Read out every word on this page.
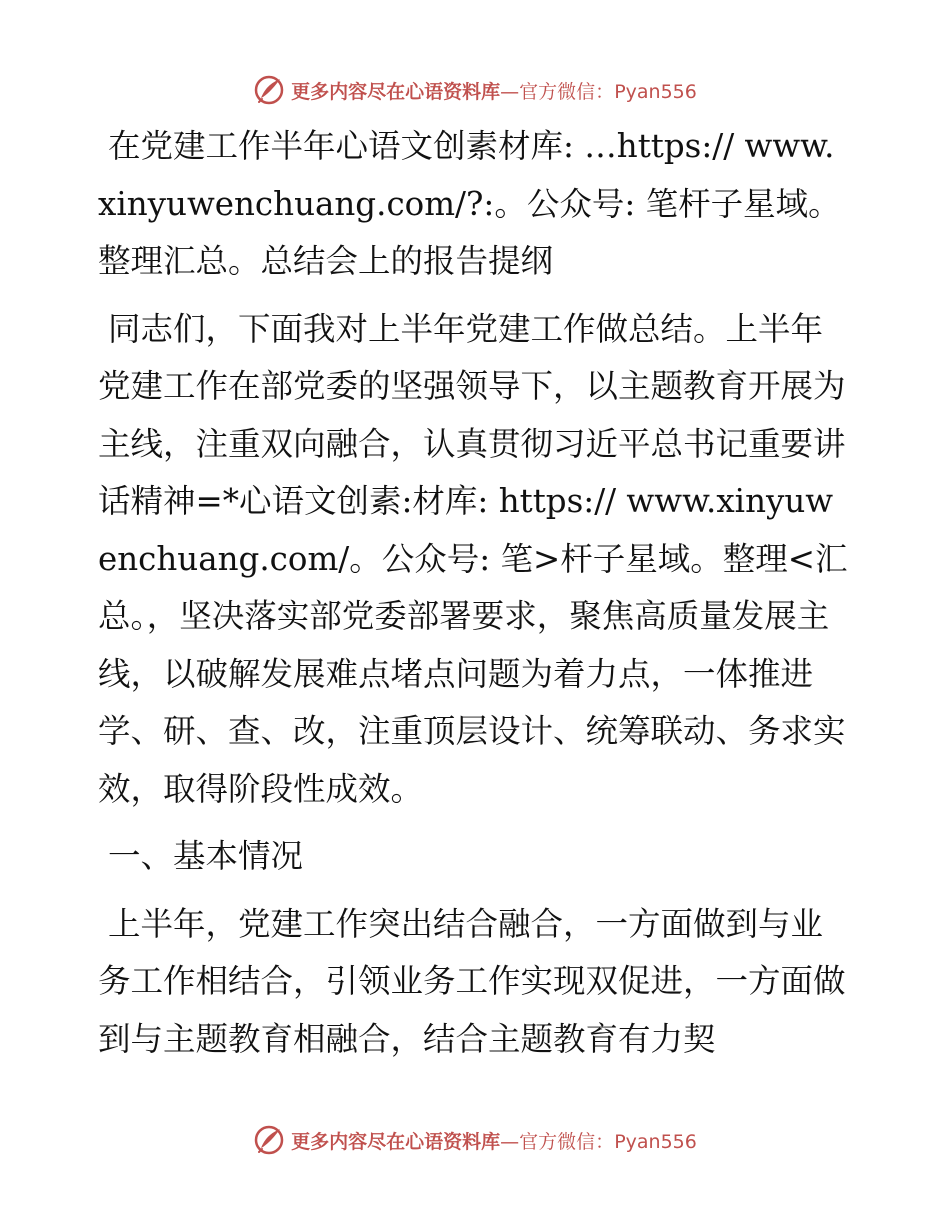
更多内容尽在心语资料库—官方微信：Pyan556

在党建工作半年心语文创素材库: …https:// www.xinyuwenchuang.com/?:。公众号: 笔杆子星域。整理汇总。总结会上的报告提纲

同志们，下面我对上半年党建工作做总结。上半年党建工作在部党委的坚强领导下，以主题教育开展为主线，注重双向融合，认真贯彻习近平总书记重要讲话精神=*心语文创素:材库: https:// www.xinyuwenchuang.com/。公众号: 笔>杆子星域。整理<汇总。，坚决落实部党委部署要求，聚焦高质量发展主线，以破解发展难点堵点问题为着力点，一体推进学、研、查、改，注重顶层设计、统筹联动、务求实效，取得阶段性成效。

一、基本情况

上半年，党建工作突出结合融合，一方面做到与业务工作相结合，引领业务工作实现双促进，一方面做到与主题教育相融合，结合主题教育有力契

更多内容尽在心语资料库—官方微信：Pyan556
